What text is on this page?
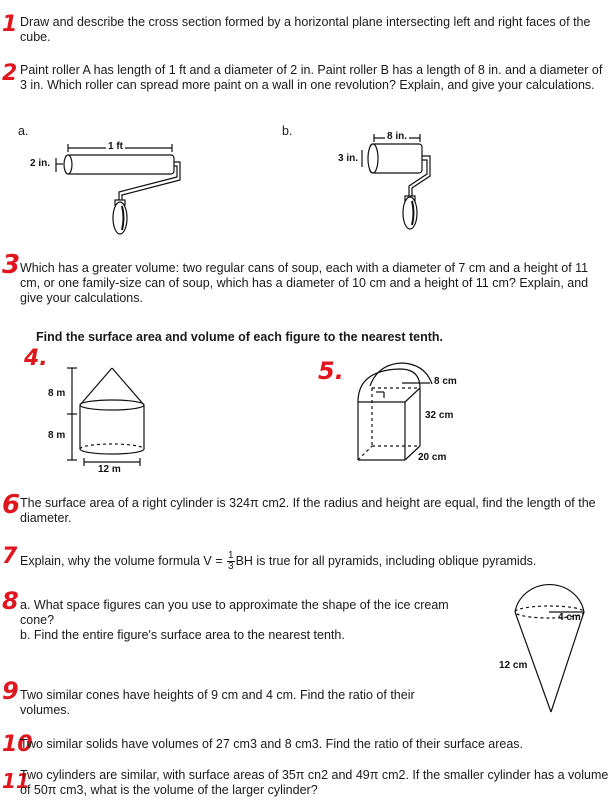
1 Draw and describe the cross section formed by a horizontal plane intersecting left and right faces of the cube.
2 Paint roller A has length of 1 ft and a diameter of 2 in. Paint roller B has a length of 8 in. and a diameter of 3 in. Which roller can spread more paint on a wall in one revolution? Explain, and give your calculations.
a.	b.
1 ft
2 in.
8 in.
3 in.
3 Which has a greater volume: two regular cans of soup, each with a diameter of 7 cm and a height of 11 cm, or one family-size can of soup, which has a diameter of 10 cm and a height of 11 cm? Explain, and give your calculations.
Find the surface area and volume of each figure to the nearest tenth.
4.
8 m
8 m
12 m
5.	8 cm
32 cm
20 cm
6 The surface area of a right cylinder is 324π cm2. If the radius and height are equal, find the length of the diameter.
7 Explain, why the volume formula $V = \frac{1}{3}$ BH is true for all pyramids, including oblique pyramids.
8 a. What space figures can you use to approximate the shape of the ice cream cone?
b. Find the entire figure's surface area to the nearest tenth.
4 cm
12 cm
9 Two similar cones have heights of 9 cm and 4 cm. Find the ratio of their volumes.
10
Two similar solids have volumes of 27 cm3 and 8 cm3. Find the ratio of their surface areas.
11
Two cylinders are similar, with surface areas of 35π cn2 and 49π cm2. If the smaller cylinder has a volume of 50π cm3, what is the volume of the larger cylinder?
